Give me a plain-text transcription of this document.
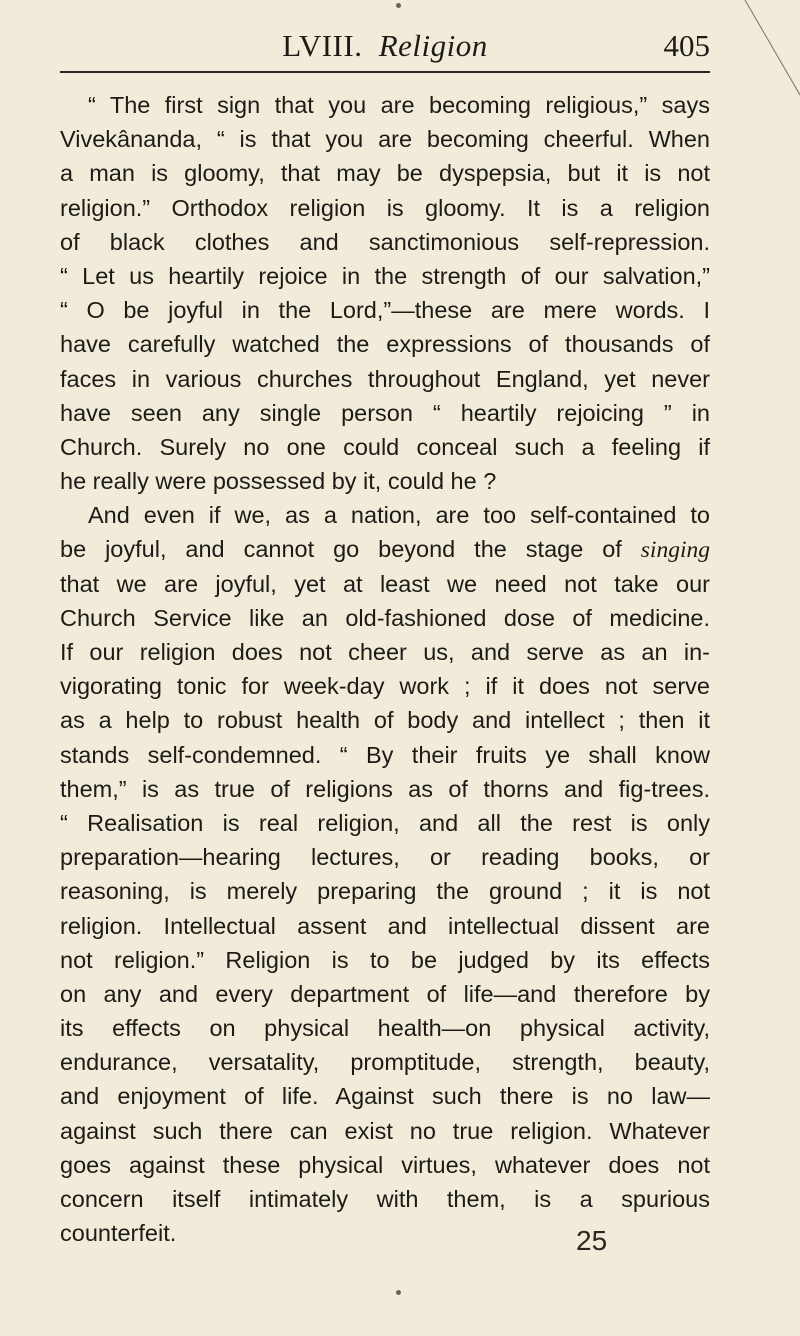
LVIII. Religion	405
“ The first sign that you are becoming religious,” says
Vivekânanda, “ is that you are becoming cheerful. When
a man is gloomy, that may be dyspepsia, but it is not
religion.” Orthodox religion is gloomy. It is a religion
of black clothes and sanctimonious self-repression.
“ Let us heartily rejoice in the strength of our salvation,”
“ O be joyful in the Lord,”—these are mere words. I
have carefully watched the expressions of thousands of
faces in various churches throughout England, yet never
have seen any single person “ heartily rejoicing ” in
Church. Surely no one could conceal such a feeling if
he really were possessed by it, could he ?
And even if we, as a nation, are too self-contained to
be joyful, and cannot go beyond the stage of singing
that we are joyful, yet at least we need not take our
Church Service like an old-fashioned dose of medicine.
If our religion does not cheer us, and serve as an in-
vigorating tonic for week-day work ; if it does not serve
as a help to robust health of body and intellect ; then it
stands self-condemned. “ By their fruits ye shall know
them,” is as true of religions as of thorns and fig-trees.
“ Realisation is real religion, and all the rest is only
preparation—hearing lectures, or reading books, or
reasoning, is merely preparing the ground ; it is not
religion. Intellectual assent and intellectual dissent are
not religion.” Religion is to be judged by its effects
on any and every department of life—and therefore by
its effects on physical health—on physical activity,
endurance, versatality, promptitude, strength, beauty,
and enjoyment of life. Against such there is no law—
against such there can exist no true religion. Whatever
goes against these physical virtues, whatever does not
concern itself intimately with them, is a spurious
counterfeit.	25
